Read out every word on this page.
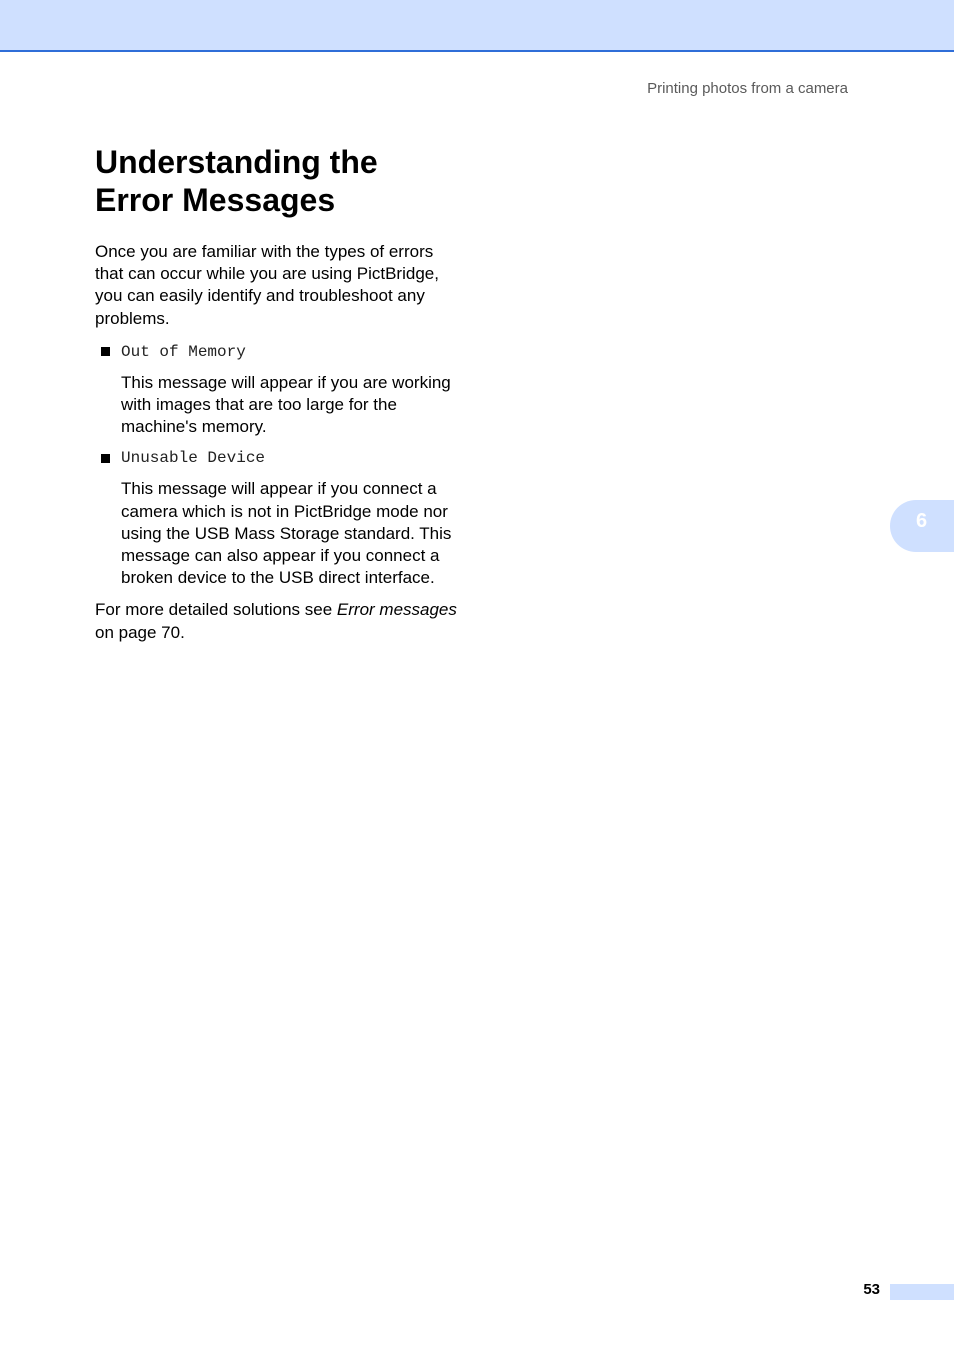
Printing photos from a camera
Understanding the
Error Messages

Once you are familiar with the types of errors that can occur while you are using PictBridge, you can easily identify and troubleshoot any problems.

Out of Memory

This message will appear if you are working with images that are too large for the machine's memory.

Unusable Device

This message will appear if you connect a camera which is not in PictBridge mode nor using the USB Mass Storage standard. This message can also appear if you connect a broken device to the USB direct interface.

For more detailed solutions see Error messages on page 70.

6
53
